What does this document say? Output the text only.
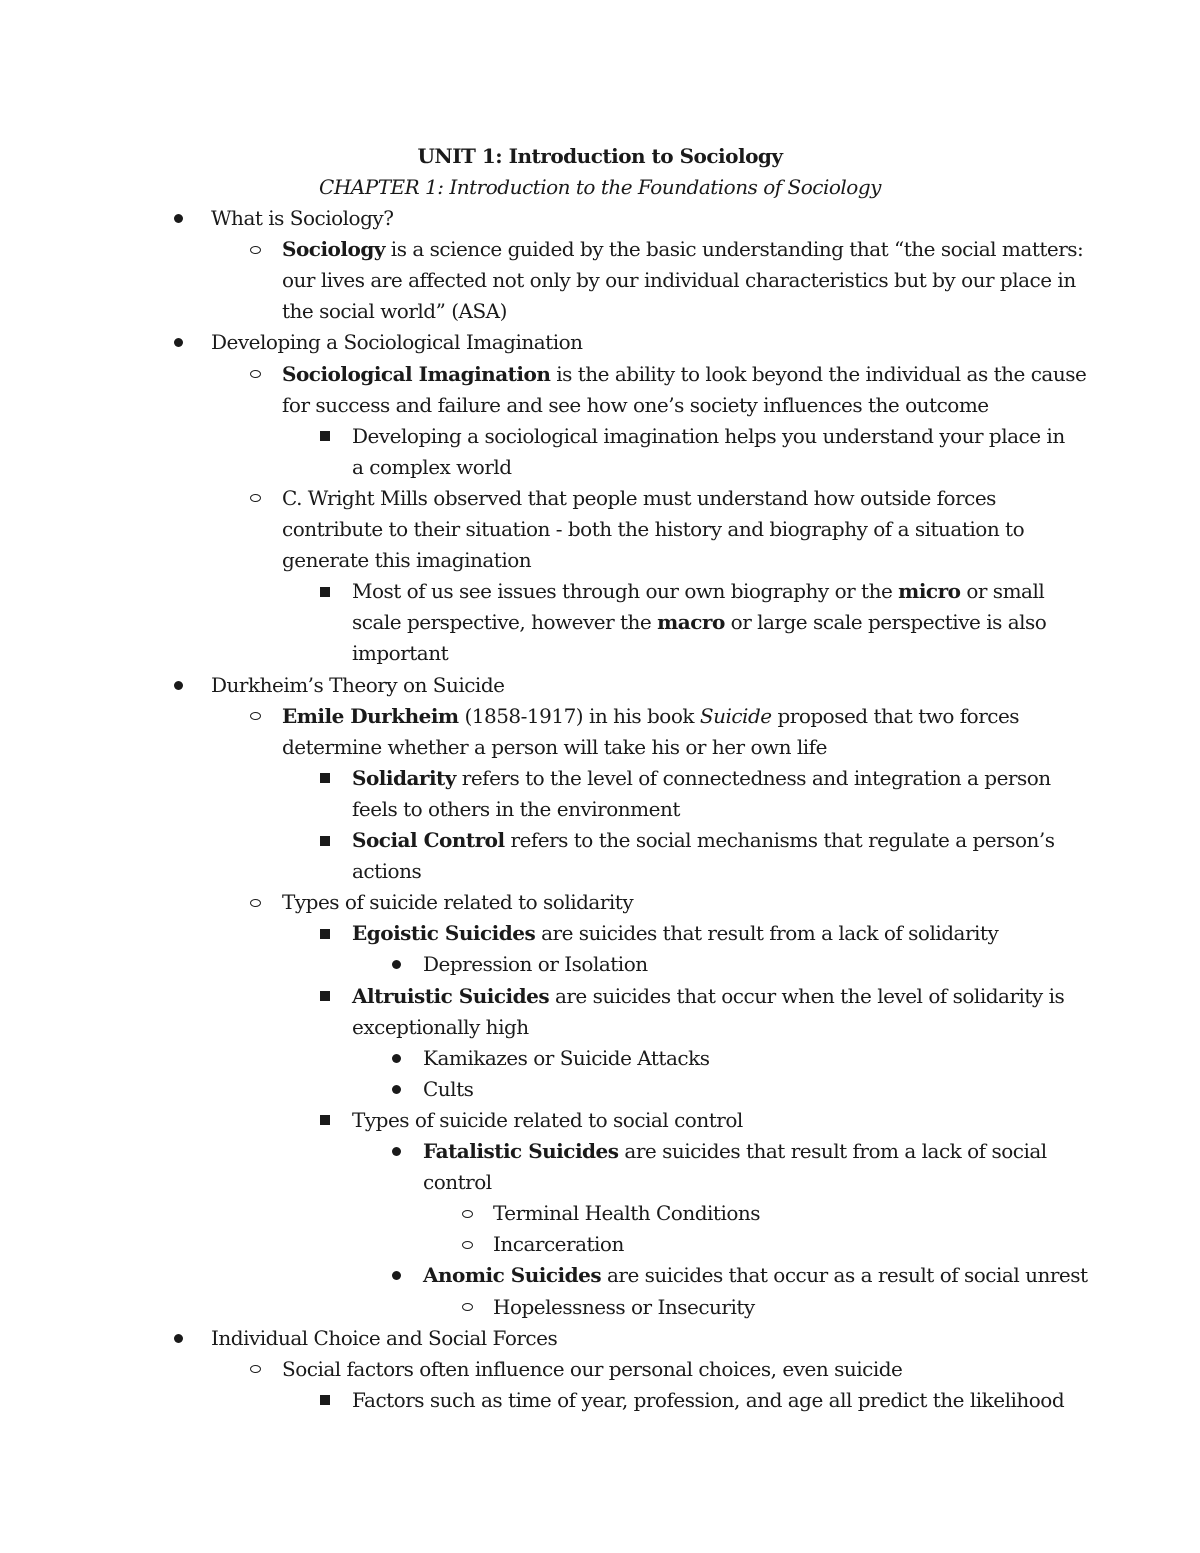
UNIT 1: Introduction to Sociology
CHAPTER 1: Introduction to the Foundations of Sociology
What is Sociology?
Sociology is a science guided by the basic understanding that “the social matters:
our lives are affected not only by our individual characteristics but by our place in
the social world” (ASA)
Developing a Sociological Imagination
Sociological Imagination is the ability to look beyond the individual as the cause
for success and failure and see how one’s society influences the outcome
Developing a sociological imagination helps you understand your place in
a complex world
C. Wright Mills observed that people must understand how outside forces
contribute to their situation - both the history and biography of a situation to
generate this imagination
Most of us see issues through our own biography or the micro or small
scale perspective, however the macro or large scale perspective is also
important
Durkheim’s Theory on Suicide
Emile Durkheim (1858-1917) in his book Suicide proposed that two forces
determine whether a person will take his or her own life
Solidarity refers to the level of connectedness and integration a person
feels to others in the environment
Social Control refers to the social mechanisms that regulate a person’s
actions
Types of suicide related to solidarity
Egoistic Suicides are suicides that result from a lack of solidarity
Depression or Isolation
Altruistic Suicides are suicides that occur when the level of solidarity is
exceptionally high
Kamikazes or Suicide Attacks
Cults
Types of suicide related to social control
Fatalistic Suicides are suicides that result from a lack of social
control
Terminal Health Conditions
Incarceration
Anomic Suicides are suicides that occur as a result of social unrest
Hopelessness or Insecurity
Individual Choice and Social Forces
Social factors often influence our personal choices, even suicide
Factors such as time of year, profession, and age all predict the likelihood
